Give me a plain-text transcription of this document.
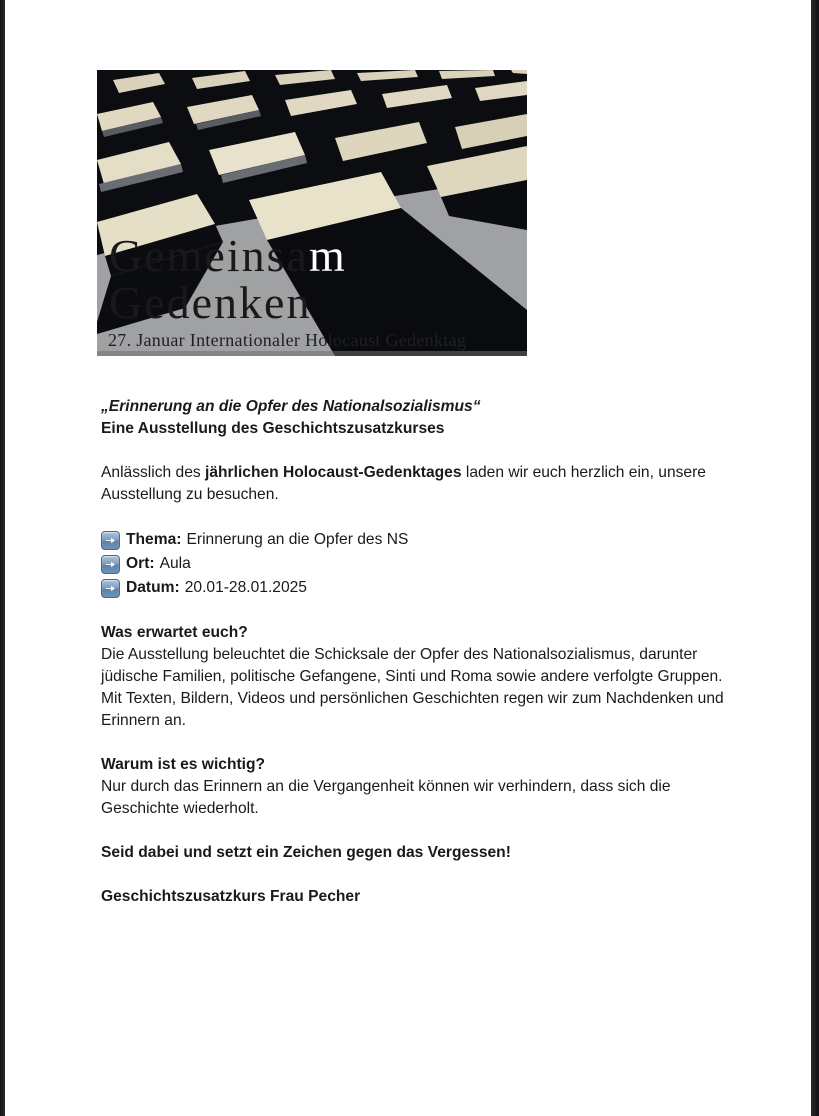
Gemeinsam
Gedenken
27. Januar Internationaler Holocaust Gedenktag

„Erinnerung an die Opfer des Nationalsozialismus“

Eine Ausstellung des Geschichtszusatzkurses

Anlässlich des jährlichen Holocaust-Gedenktages laden wir euch herzlich ein, unsere Ausstellung zu besuchen.

Thema: Erinnerung an die Opfer des NS
Ort: Aula
Datum: 20.01-28.01.2025

Was erwartet euch?

Die Ausstellung beleuchtet die Schicksale der Opfer des Nationalsozialismus, darunter jüdische Familien, politische Gefangene, Sinti und Roma sowie andere verfolgte Gruppen.

Mit Texten, Bildern, Videos und persönlichen Geschichten regen wir zum Nachdenken und Erinnern an.

Warum ist es wichtig?

Nur durch das Erinnern an die Vergangenheit können wir verhindern, dass sich die Geschichte wiederholt.

Seid dabei und setzt ein Zeichen gegen das Vergessen!

Geschichtszusatzkurs Frau Pecher
